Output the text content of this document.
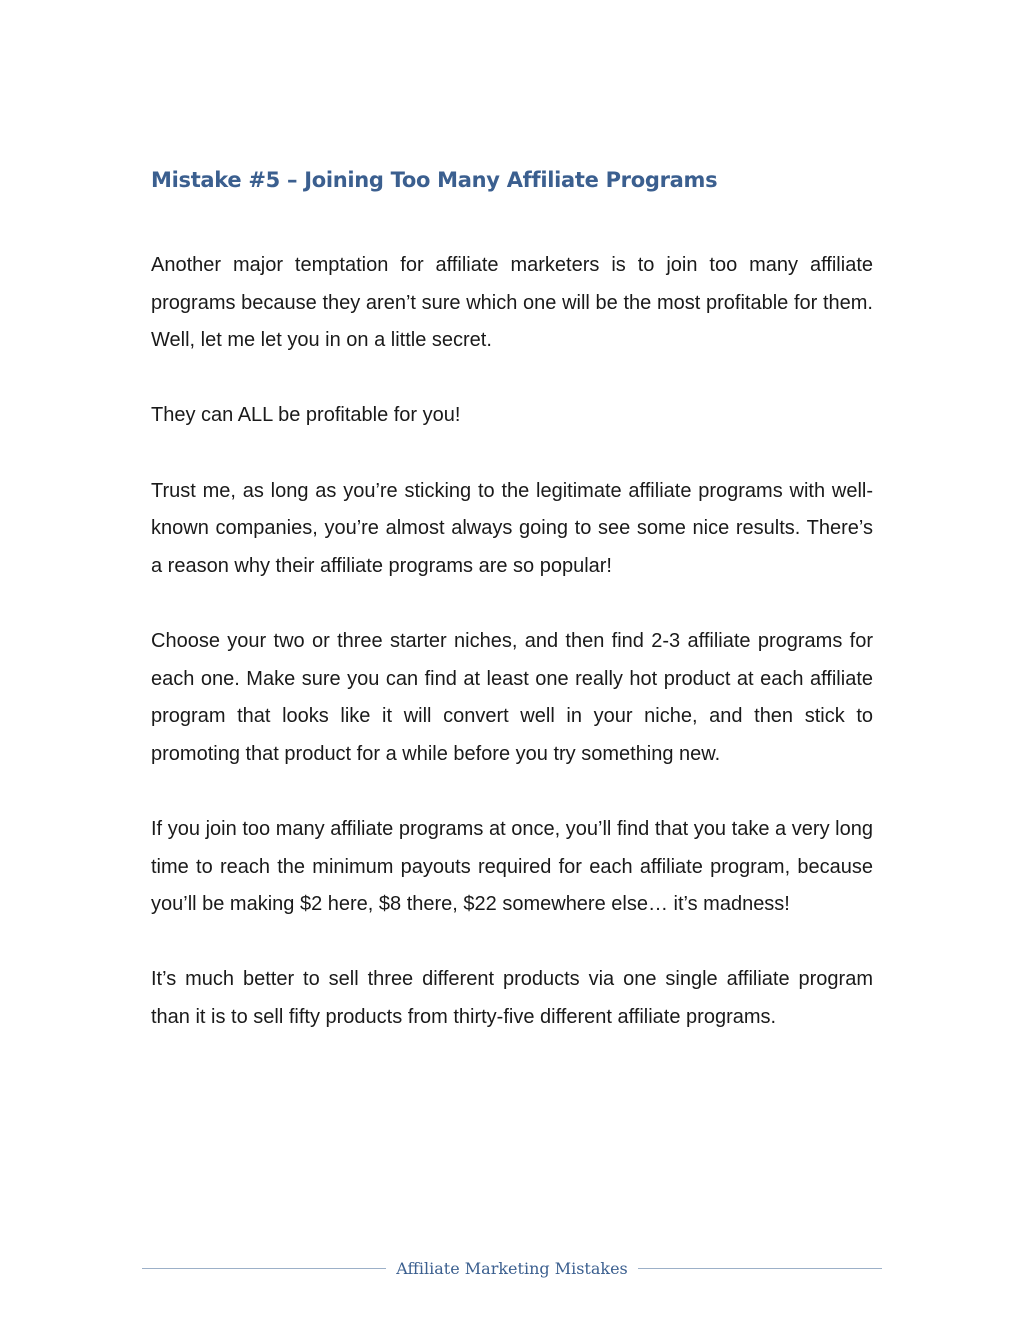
Mistake #5 – Joining Too Many Affiliate Programs

Another major temptation for affiliate marketers is to join too many affiliate programs because they aren’t sure which one will be the most profitable for them. Well, let me let you in on a little secret.

They can ALL be profitable for you!

Trust me, as long as you’re sticking to the legitimate affiliate programs with well-known companies, you’re almost always going to see some nice results. There’s a reason why their affiliate programs are so popular!

Choose your two or three starter niches, and then find 2-3 affiliate programs for each one. Make sure you can find at least one really hot product at each affiliate program that looks like it will convert well in your niche, and then stick to promoting that product for a while before you try something new.

If you join too many affiliate programs at once, you’ll find that you take a very long time to reach the minimum payouts required for each affiliate program, because you’ll be making $2 here, $8 there, $22 somewhere else… it’s madness!

It’s much better to sell three different products via one single affiliate program than it is to sell fifty products from thirty-five different affiliate programs.

Affiliate Marketing Mistakes
